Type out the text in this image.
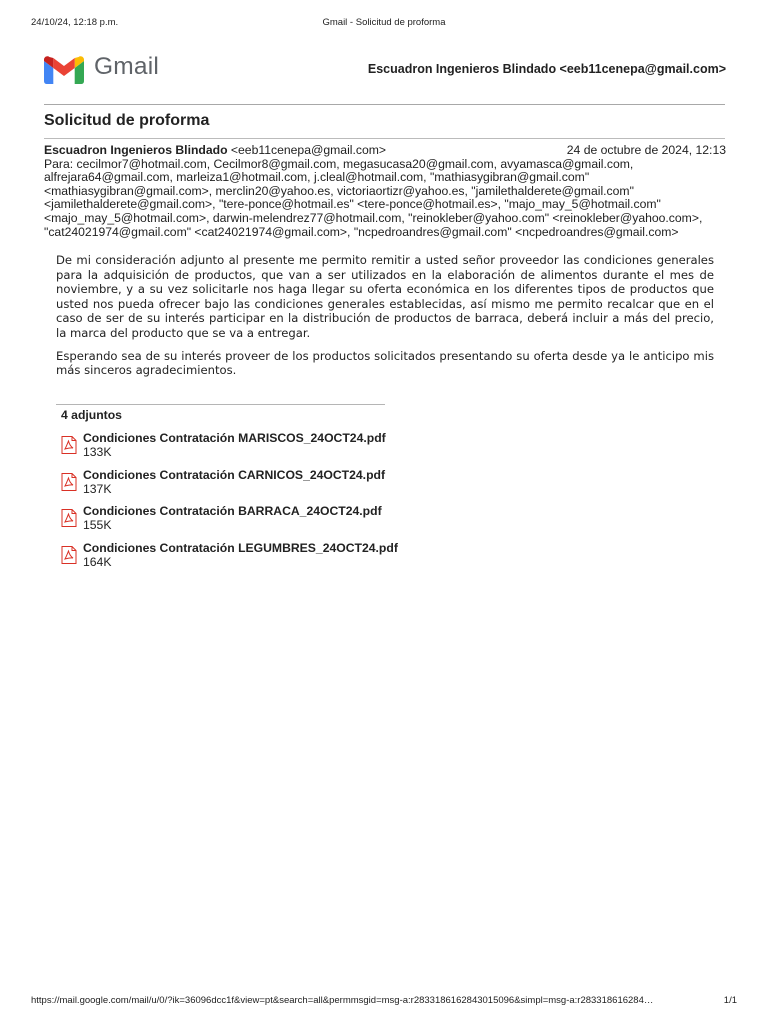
24/10/24, 12:18 p.m.	Gmail - Solicitud de proforma
Gmail	Escuadron Ingenieros Blindado <eeb11cenepa@gmail.com>
Solicitud de proforma
Escuadron Ingenieros Blindado <eeb11cenepa@gmail.com>	24 de octubre de 2024, 12:13
Para: cecilmor7@hotmail.com, Cecilmor8@gmail.com, megasucasa20@gmail.com, avyamasca@gmail.com,
alfrejara64@gmail.com, marleiza1@hotmail.com, j.cleal@hotmail.com, "mathiasygibran@gmail.com"
<mathiasygibran@gmail.com>, merclin20@yahoo.es, victoriaortizr@yahoo.es, "jamilethalderete@gmail.com"
<jamilethalderete@gmail.com>, "tere-ponce@hotmail.es" <tere-ponce@hotmail.es>, "majo_may_5@hotmail.com"
<majo_may_5@hotmail.com>, darwin-melendrez77@hotmail.com, "reinokleber@yahoo.com" <reinokleber@yahoo.com>,
"cat24021974@gmail.com" <cat24021974@gmail.com>, "ncpedroandres@gmail.com" <ncpedroandres@gmail.com>

De mi consideración adjunto al presente me permito remitir a usted señor proveedor las condiciones generales para la adquisición de productos, que van a ser utilizados en la elaboración de alimentos durante el mes de noviembre, y a su vez solicitarle nos haga llegar su oferta económica en los diferentes tipos de productos que usted nos pueda ofrecer bajo las condiciones generales establecidas, así mismo me permito recalcar que en el caso de ser de su interés participar en la distribución de productos de barraca, deberá incluir a más del precio, la marca del producto que se va a entregar.

Esperando sea de su interés proveer de los productos solicitados presentando su oferta desde ya le anticipo mis más sinceros agradecimientos.

4 adjuntos
Condiciones Contratación MARISCOS_24OCT24.pdf
133K
Condiciones Contratación CARNICOS_24OCT24.pdf
137K
Condiciones Contratación BARRACA_24OCT24.pdf
155K
Condiciones Contratación LEGUMBRES_24OCT24.pdf
164K
https://mail.google.com/mail/u/0/?ik=36096dcc1f&view=pt&search=all&permmsgid=msg-a:r2833186162843015096&simpl=msg-a:r283318616284…	1/1
